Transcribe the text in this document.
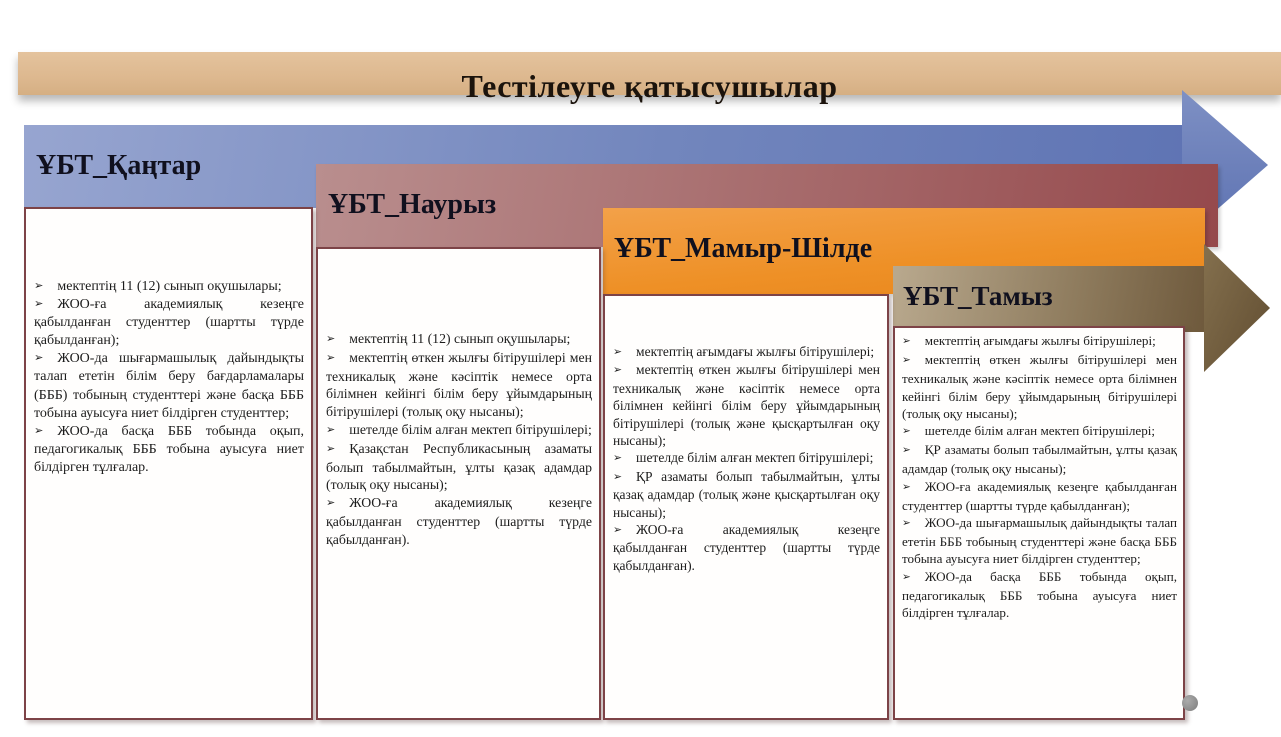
Тестілеуге қатысушылар
ҰБТ_Қаңтар
ҰБТ_Наурыз
ҰБТ_Мамыр-Шілде
ҰБТ_Тамыз

➢ мектептің 11 (12) сынып оқушылары;

➢ ЖОО-ға академиялық кезеңге қабылданған студенттер (шартты түрде қабылданған);

➢ ЖОО-да шығармашылық дайындықты талап ететін білім беру бағдарламалары (БББ) тобының студенттері және басқа БББ тобына ауысуға ниет білдірген студенттер;

➢ ЖОО-да басқа БББ тобында оқып, педагогикалық БББ тобына ауысуға ниет білдірген тұлғалар.

➢ мектептің 11 (12) сынып оқушылары;

➢ мектептің өткен жылғы бітірушілері мен техникалық және кәсіптік немесе орта білімнен кейінгі білім беру ұйымдарының бітірушілері (толық оқу нысаны);

➢ шетелде білім алған мектеп бітірушілері;

➢ Қазақстан Республикасының азаматы болып табылмайтын, ұлты қазақ адамдар (толық оқу нысаны);

➢ ЖОО-ға академиялық кезеңге қабылданған студенттер (шартты түрде қабылданған).

➢ мектептің ағымдағы жылғы бітірушілері;

➢ мектептің өткен жылғы бітірушілері мен техникалық және кәсіптік немесе орта білімнен кейінгі білім беру ұйымдарының бітірушілері (толық және қысқартылған оқу нысаны);

➢ шетелде білім алған мектеп бітірушілері;

➢ ҚР азаматы болып табылмайтын, ұлты қазақ адамдар (толық және қысқартылған оқу нысаны);

➢ ЖОО-ға академиялық кезеңге қабылданған студенттер (шартты түрде қабылданған).

➢ мектептің ағымдағы жылғы бітірушілері;

➢ мектептің өткен жылғы бітірушілері мен техникалық және кәсіптік немесе орта білімнен кейінгі білім беру ұйымдарының бітірушілері (толық оқу нысаны);

➢ шетелде білім алған мектеп бітірушілері;

➢ ҚР азаматы болып табылмайтын, ұлты қазақ адамдар (толық оқу нысаны);

➢ ЖОО-ға академиялық кезеңге қабылданған студенттер (шартты түрде қабылданған);

➢ ЖОО-да шығармашылық дайындықты талап ететін БББ тобының студенттері және басқа БББ тобына ауысуға ниет білдірген студенттер;

➢ ЖОО-да басқа БББ тобында оқып, педагогикалық БББ тобына ауысуға ниет білдірген тұлғалар.
